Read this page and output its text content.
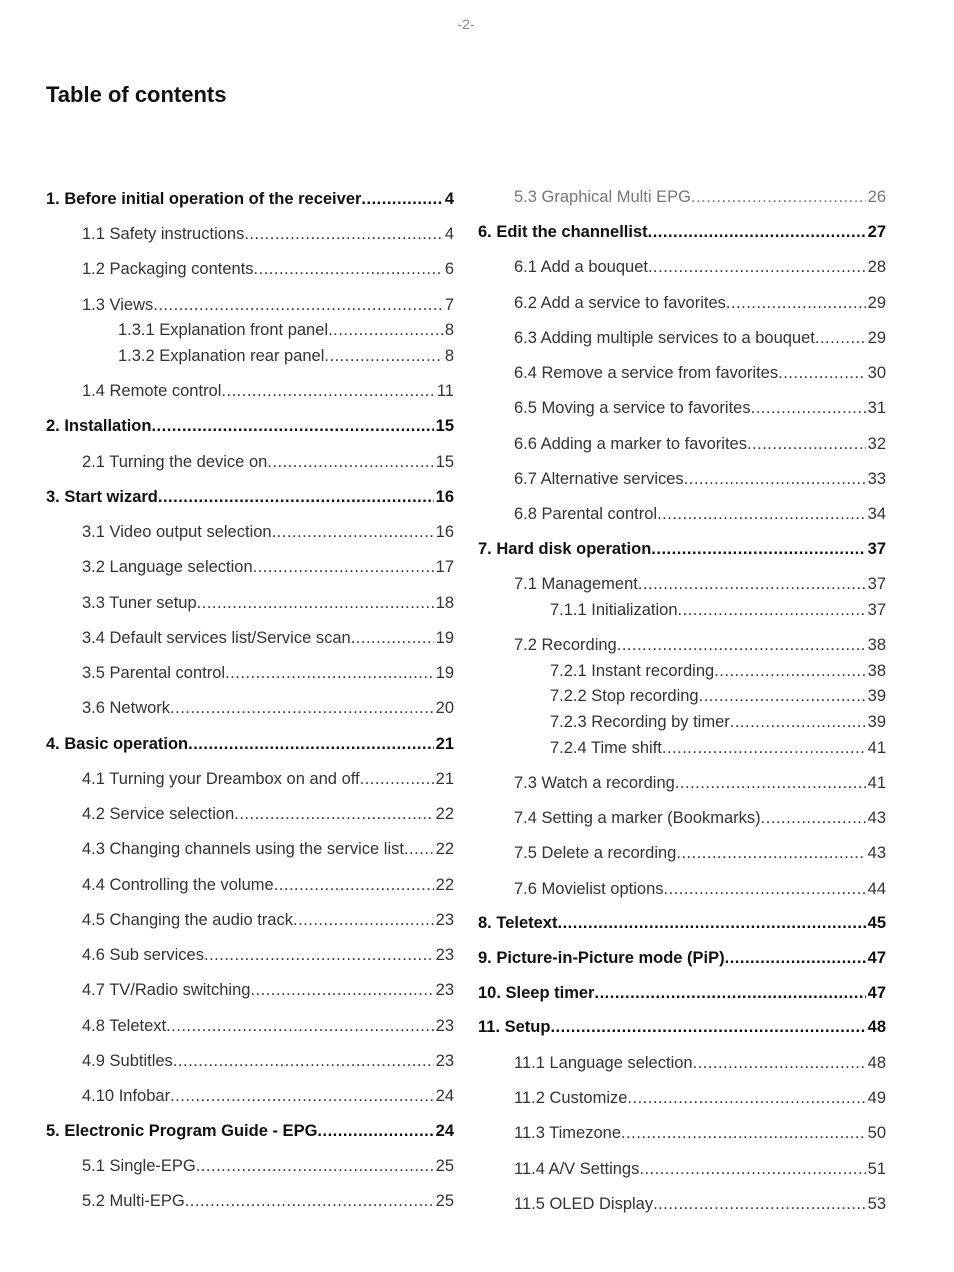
-2-
Table of contents
1. Before initial operation of the receiver .....	4
1.1 Safety instructions .....	4
1.2 Packaging contents .....	6
1.3 Views .....	7
1.3.1 Explanation front panel .....	8
1.3.2 Explanation rear panel .....	8
1.4 Remote control .....	11
2. Installation .....	15
2.1 Turning the device on .....	15
3. Start wizard .....	16
3.1 Video output selection .....	16
3.2 Language selection .....	17
3.3 Tuner setup .....	18
3.4 Default services list/Service scan .....	19
3.5 Parental control .....	19
3.6 Network .....	20
4. Basic operation .....	21
4.1 Turning your Dreambox on and off .....	21
4.2 Service selection .....	22
4.3 Changing channels using the service list ..... 22
4.4 Controlling the volume .....	22
4.5 Changing the audio track .....	23
4.6 Sub services .....	23
4.7 TV/Radio switching .....	23
4.8 Teletext .....	23
4.9 Subtitles .....	23
4.10 Infobar .....	24
5. Electronic Program Guide - EPG .....	24
5.1 Single-EPG .....	25
5.2 Multi-EPG .....	25
5.3 Graphical Multi EPG .....	26
6. Edit the channellist .....	27
6.1 Add a bouquet .....	28
6.2 Add a service to favorites .....	29
6.3 Adding multiple services to a bouquet .....	29
6.4 Remove a service from favorites .....	30
6.5 Moving a service to favorites .....	31
6.6 Adding a marker to favorites .....	32
6.7 Alternative services .....	33
6.8 Parental control .....	34
7. Hard disk operation .....	37
7.1 Management .....	37
7.1.1 Initialization .....	37
7.2 Recording .....	38
7.2.1 Instant recording .....	38
7.2.2 Stop recording .....	39
7.2.3 Recording by timer .....	39
7.2.4 Time shift .....	41
7.3 Watch a recording .....	41
7.4 Setting a marker (Bookmarks) .....	43
7.5 Delete a recording .....	43
7.6 Movielist options .....	44
8. Teletext .....	45
9. Picture-in-Picture mode (PiP) .....	47
10. Sleep timer .....	47
11. Setup .....	48
11.1 Language selection .....	48
11.2 Customize .....	49
11.3 Timezone .....	50
11.4 A/V Settings .....	51
11.5 OLED Display .....	53
